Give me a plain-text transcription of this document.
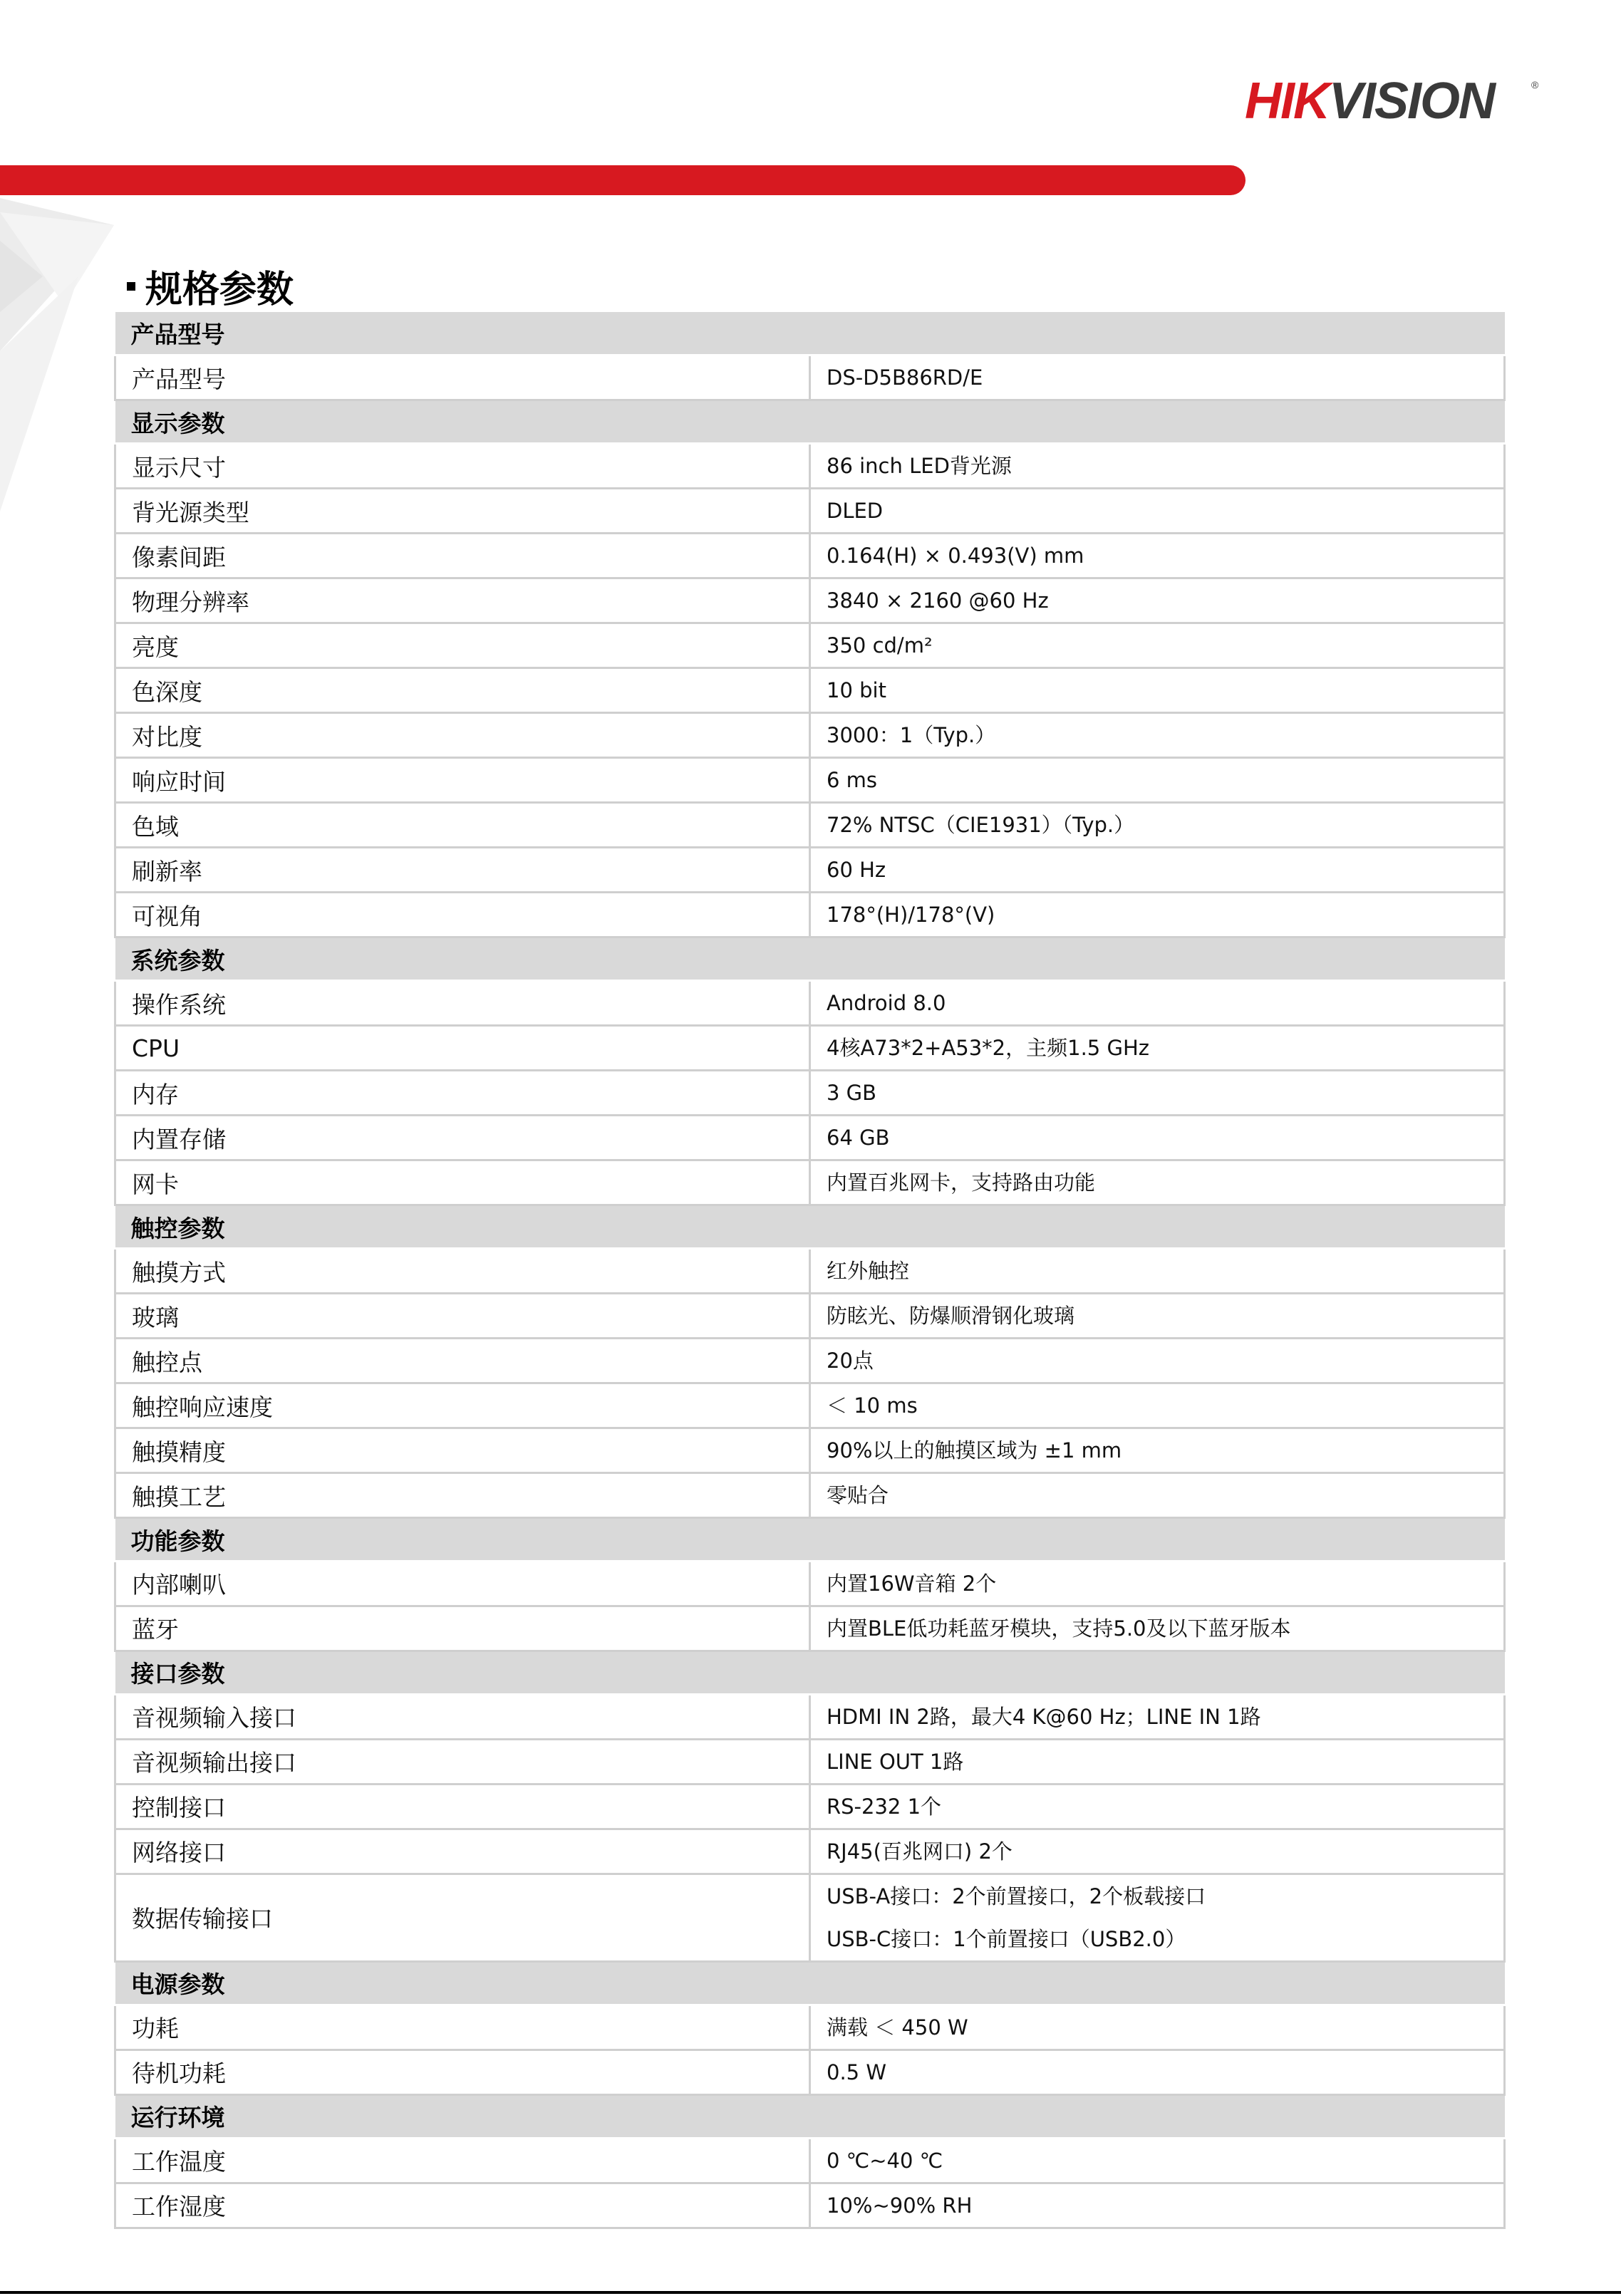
HIKVISION	®
规格参数
产品型号	
产品型号	DS-D5B86RD/E

显示参数	
显示尺寸	86 inch LED背光源

背光源类型	DLED

像素间距	0.164(H) × 0.493(V) mm

物理分辨率	3840 × 2160 @60 Hz

亮度	350 cd/m²

色深度	10 bit

对比度	3000：1（Typ.）

响应时间	6 ms

色域	72% NTSC（CIE1931）（Typ.）

刷新率	60 Hz

可视角	178°(H)/178°(V)

系统参数	
操作系统	Android 8.0

CPU	4核A73*2+A53*2，主频1.5 GHz

内存	3 GB

内置存储	64 GB

网卡	内置百兆网卡，支持路由功能

触控参数	
触摸方式	红外触控

玻璃	防眩光、防爆顺滑钢化玻璃

触控点	20点

触控响应速度	＜ 10 ms

触摸精度	90%以上的触摸区域为 ±1 mm

触摸工艺	零贴合

功能参数	
内部喇叭	内置16W音箱 2个

蓝牙	内置BLE低功耗蓝牙模块，支持5.0及以下蓝牙版本

接口参数	
音视频输入接口	HDMI IN 2路，最大4 K@60 Hz；LINE IN 1路

音视频输出接口	LINE OUT 1路

控制接口	RS-232 1个

网络接口	RJ45(百兆网口) 2个

数据传输接口	USB-A接口：2个前置接口，2个板载接口
USB-C接口：1个前置接口（USB2.0）

电源参数	
功耗	满载 ＜ 450 W

待机功耗	0.5 W

运行环境	
工作温度	0 ℃~40 ℃

工作湿度	10%~90% RH
